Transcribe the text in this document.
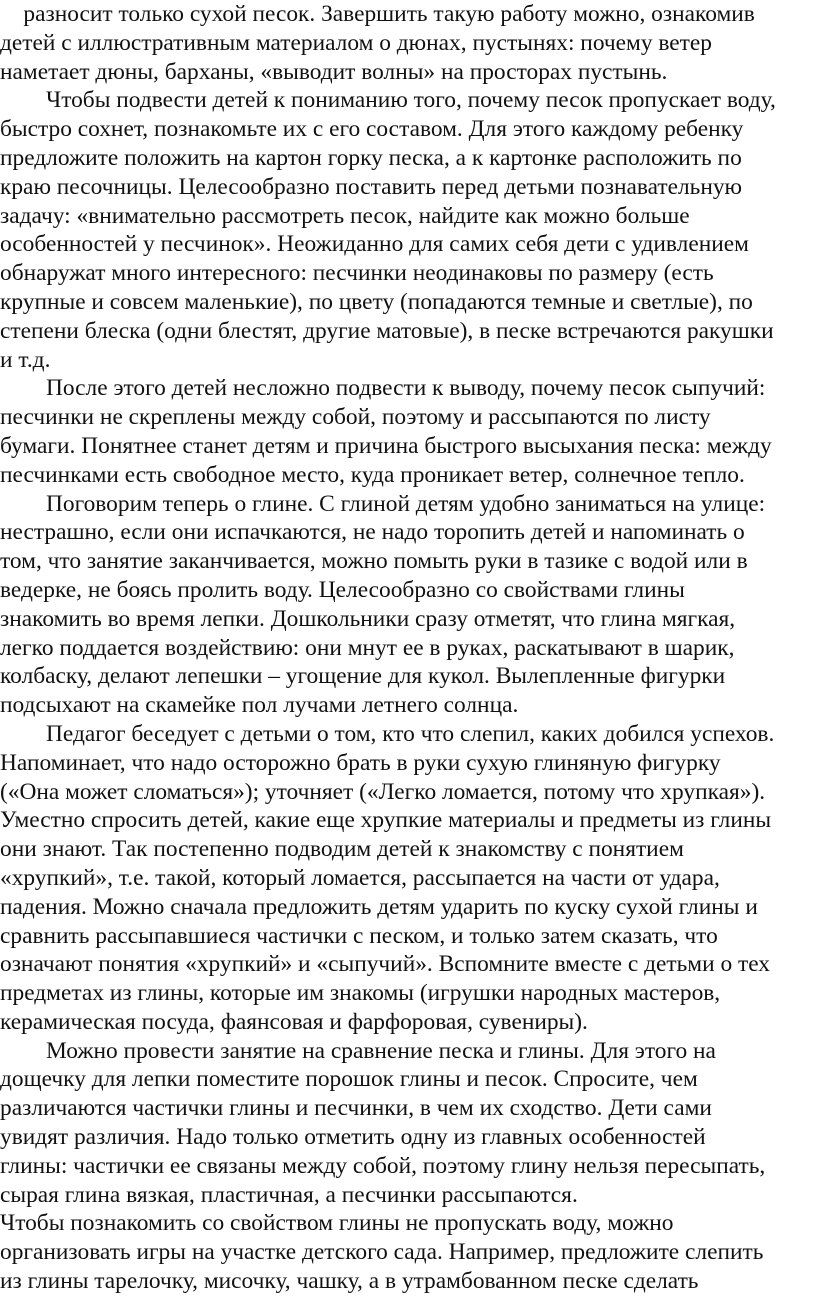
разносит только сухой песок. Завершить такую работу можно, ознакомив
детей с иллюстративным материалом о дюнах, пустынях: почему ветер
наметает дюны, барханы, «выводит волны» на просторах пустынь.
Чтобы подвести детей к пониманию того, почему песок пропускает воду,
быстро сохнет, познакомьте их с его составом. Для этого каждому ребенку
предложите положить на картон горку песка, а к картонке расположить по
краю песочницы. Целесообразно поставить перед детьми познавательную
задачу: «внимательно рассмотреть песок, найдите как можно больше
особенностей у песчинок». Неожиданно для самих себя дети с удивлением
обнаружат много интересного: песчинки неодинаковы по размеру (есть
крупные и совсем маленькие), по цвету (попадаются темные и светлые), по
степени блеска (одни блестят, другие матовые), в песке встречаются ракушки
и т.д.
После этого детей несложно подвести к выводу, почему песок сыпучий:
песчинки не скреплены между собой, поэтому и рассыпаются по листу
бумаги. Понятнее станет детям и причина быстрого высыхания песка: между
песчинками есть свободное место, куда проникает ветер, солнечное тепло.
Поговорим теперь о глине. С глиной детям удобно заниматься на улице:
нестрашно, если они испачкаются, не надо торопить детей и напоминать о
том, что занятие заканчивается, можно помыть руки в тазике с водой или в
ведерке, не боясь пролить воду. Целесообразно со свойствами глины
знакомить во время лепки. Дошкольники сразу отметят, что глина мягкая,
легко поддается воздействию: они мнут ее в руках, раскатывают в шарик,
колбаску, делают лепешки – угощение для кукол. Вылепленные фигурки
подсыхают на скамейке пол лучами летнего солнца.
Педагог беседует с детьми о том, кто что слепил, каких добился успехов.
Напоминает, что надо осторожно брать в руки сухую глиняную фигурку
(«Она может сломаться»); уточняет («Легко ломается, потому что хрупкая»).
Уместно спросить детей, какие еще хрупкие материалы и предметы из глины
они знают. Так постепенно подводим детей к знакомству с понятием
«хрупкий», т.е. такой, который ломается, рассыпается на части от удара,
падения. Можно сначала предложить детям ударить по куску сухой глины и
сравнить рассыпавшиеся частички с песком, и только затем сказать, что
означают понятия «хрупкий» и «сыпучий». Вспомните вместе с детьми о тех
предметах из глины, которые им знакомы (игрушки народных мастеров,
керамическая посуда, фаянсовая и фарфоровая, сувениры).
Можно провести занятие на сравнение песка и глины. Для этого на
дощечку для лепки поместите порошок глины и песок. Спросите, чем
различаются частички глины и песчинки, в чем их сходство. Дети сами
увидят различия. Надо только отметить одну из главных особенностей
глины: частички ее связаны между собой, поэтому глину нельзя пересыпать,
сырая глина вязкая, пластичная, а песчинки рассыпаются.
Чтобы познакомить со свойством глины не пропускать воду, можно
организовать игры на участке детского сада. Например, предложите слепить
из глины тарелочку, мисочку, чашку, а в утрамбованном песке сделать
